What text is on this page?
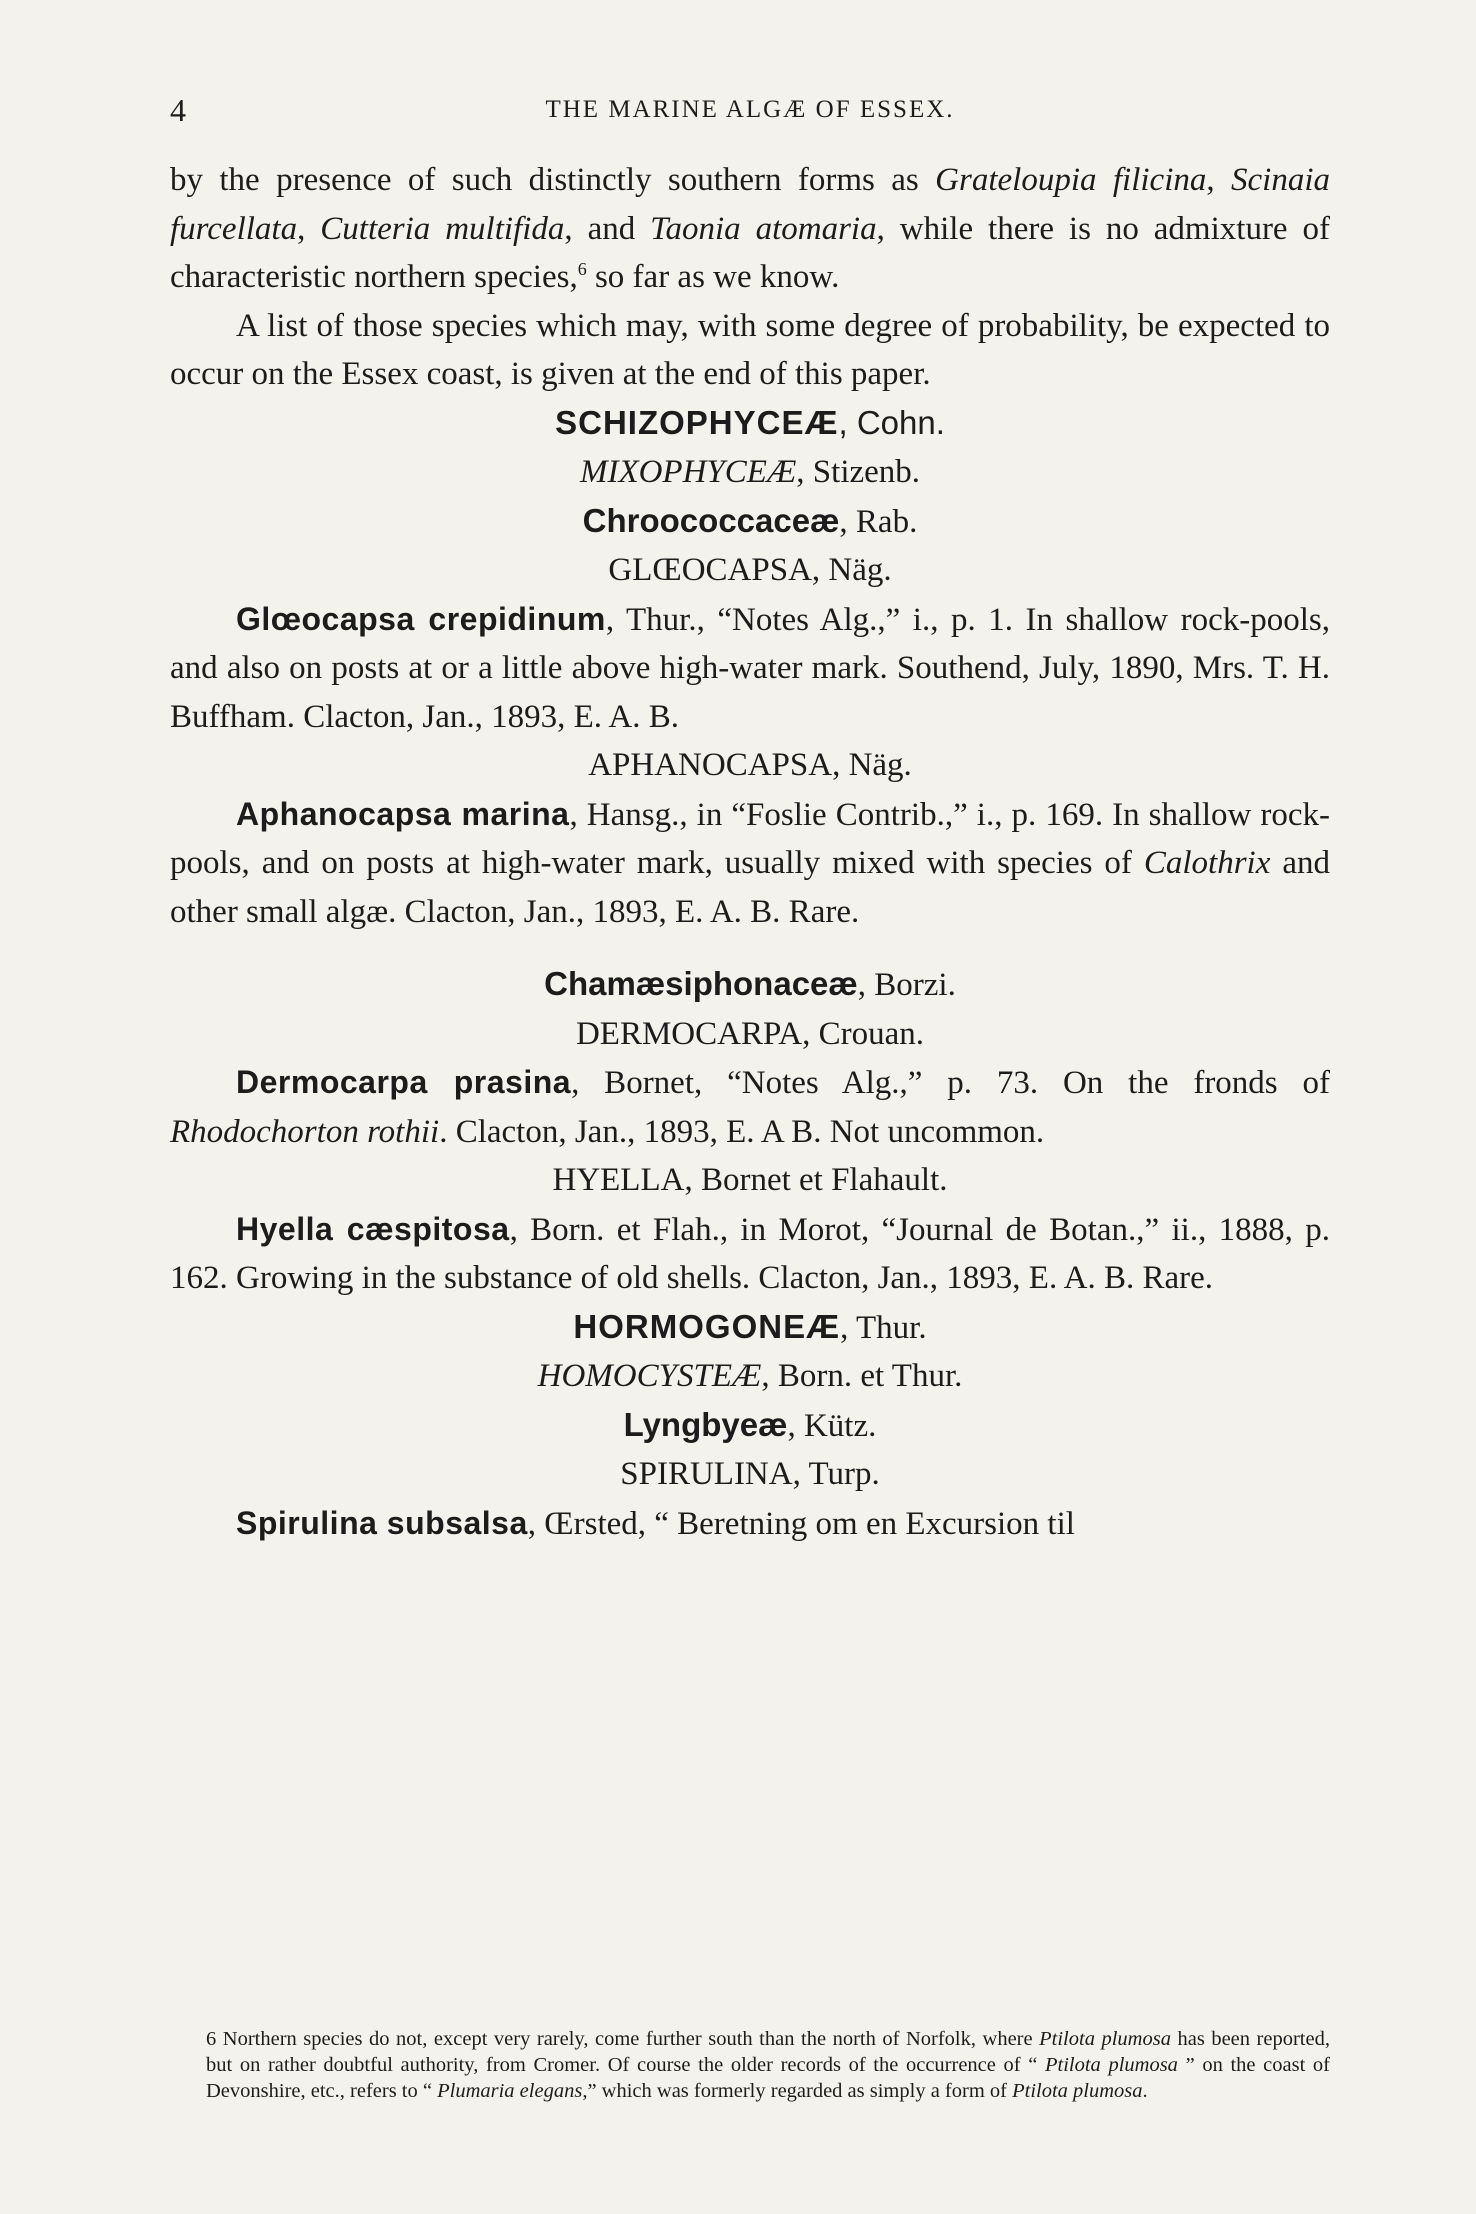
4	THE MARINE ALGÆ OF ESSEX.

by the presence of such distinctly southern forms as Grateloupia filicina, Scinaia furcellata, Cutteria multifida, and Taonia atomaria, while there is no admixture of characteristic northern species,$^6$ so far as we know.

A list of those species which may, with some degree of probability, be expected to occur on the Essex coast, is given at the end of this paper.

SCHIZOPHYCEÆ, Cohn.
MIXOPHYCEÆ, Stizenb.
Chroococcaceæ, Rab.
GLŒOCAPSA, Näg.

Glœocapsa crepidinum, Thur., “Notes Alg.,” i., p. 1. In shallow rock-pools, and also on posts at or a little above high-water mark. Southend, July, 1890, Mrs. T. H. Buffham. Clacton, Jan., 1893, E. A. B.

APHANOCAPSA, Näg.

Aphanocapsa marina, Hansg., in “Foslie Contrib.,” i., p. 169. In shallow rock-pools, and on posts at high-water mark, usually mixed with species of Calothrix and other small algæ. Clacton, Jan., 1893, E. A. B. Rare.

Chamæsiphonaceæ, Borzi.
DERMOCARPA, Crouan.

Dermocarpa prasina, Bornet, “Notes Alg.,” p. 73. On the fronds of Rhodochorton rothii. Clacton, Jan., 1893, E. A B. Not uncommon.

HYELLA, Bornet et Flahault.

Hyella cæspitosa, Born. et Flah., in Morot, “Journal de Botan.,” ii., 1888, p. 162. Growing in the substance of old shells. Clacton, Jan., 1893, E. A. B. Rare.

HORMOGONEÆ, Thur.
HOMOCYSTEÆ, Born. et Thur.
Lyngbyeæ, Kütz.
SPIRULINA, Turp.

Spirulina subsalsa, Œrsted, “ Beretning om en Excursion til

6 Northern species do not, except very rarely, come further south than the north of Norfolk, where Ptilota plumosa has been reported, but on rather doubtful authority, from Cromer. Of course the older records of the occurrence of “ Ptilota plumosa ” on the coast of Devonshire, etc., refers to “ Plumaria elegans,” which was formerly regarded as simply a form of Ptilota plumosa.
